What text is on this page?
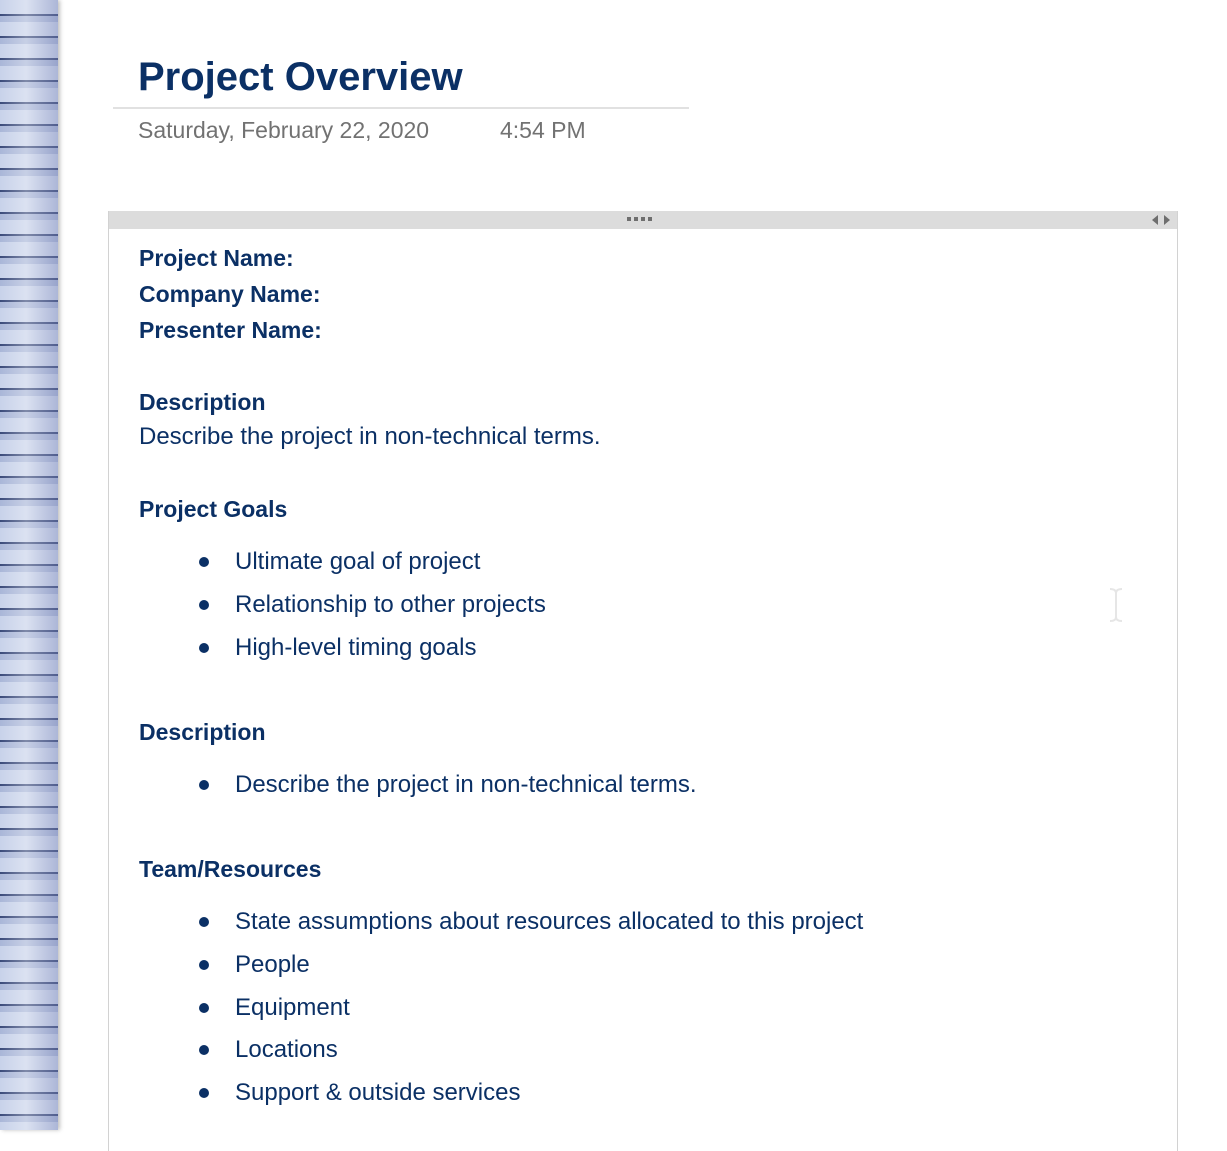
Project Overview
Saturday, February 22, 2020	4:54 PM
Project Name:
Company Name:
Presenter Name:
Description
Describe the project in non-technical terms.
Project Goals
Ultimate goal of project
Relationship to other projects
High-level timing goals
Description
Describe the project in non-technical terms.
Team/Resources
State assumptions about resources allocated to this project
People
Equipment
Locations
Support & outside services
